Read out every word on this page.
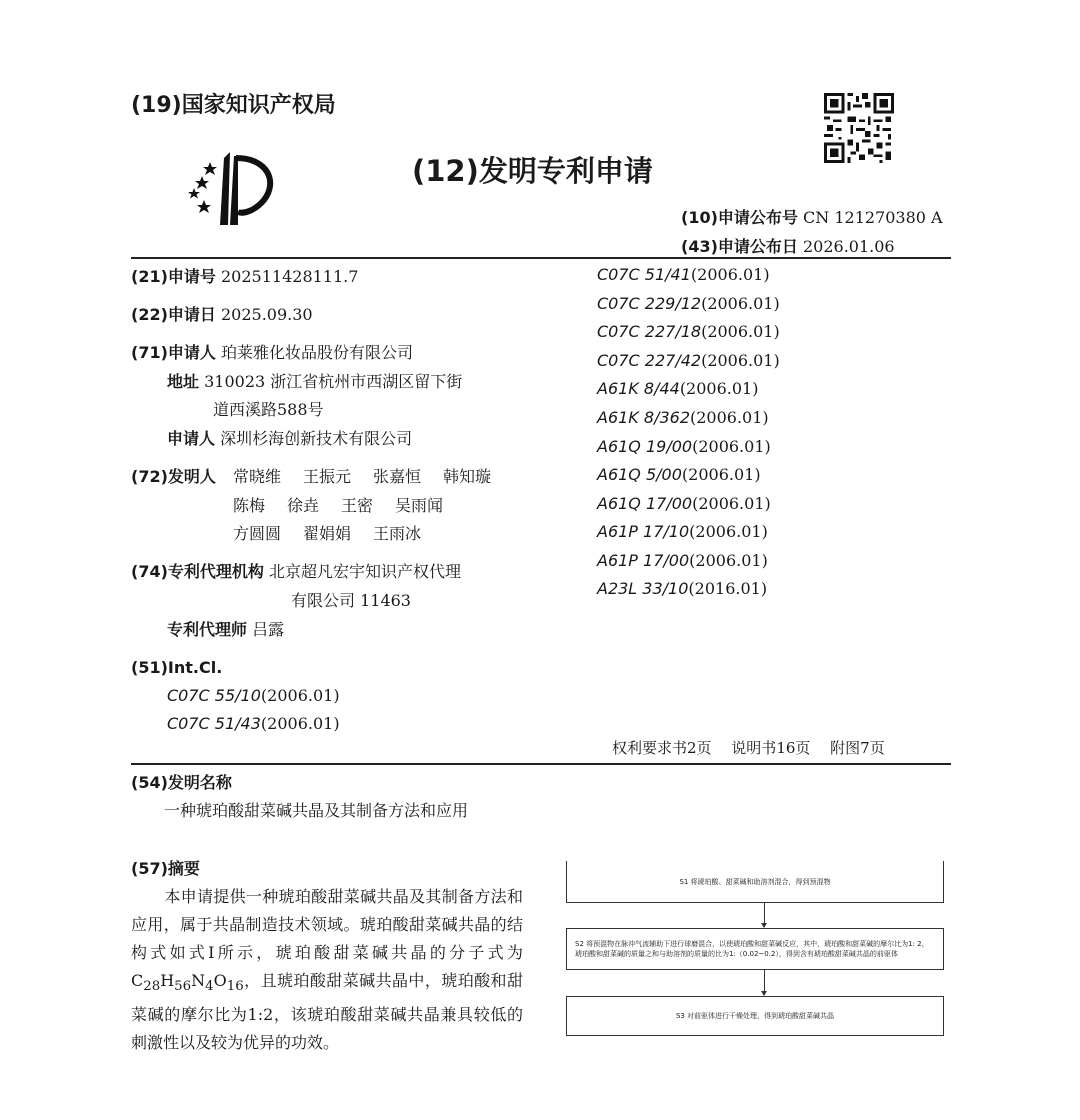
(19)国家知识产权局
(12)发明专利申请
(10)申请公布号 CN 121270380 A
(43)申请公布日 2026.01.06
(21)申请号 202511428111.7
(22)申请日 2025.09.30
(71)申请人 珀莱雅化妆品股份有限公司
地址 310023 浙江省杭州市西湖区留下街
道西溪路588号
申请人 深圳杉海创新技术有限公司
(72)发明人 常晓维 王振元 张嘉恒 韩知璇
陈梅 徐垚 王密 吴雨闻
方圆圆 翟娟娟 王雨冰
(74)专利代理机构 北京超凡宏宇知识产权代理
有限公司 11463
专利代理师 吕露
(51)Int.Cl.
C07C 55/10(2006.01)
C07C 51/43(2006.01)
C07C 51/41(2006.01)
C07C 229/12(2006.01)
C07C 227/18(2006.01)
C07C 227/42(2006.01)
A61K 8/44(2006.01)
A61K 8/362(2006.01)
A61Q 19/00(2006.01)
A61Q 5/00(2006.01)
A61Q 17/00(2006.01)
A61P 17/10(2006.01)
A61P 17/00(2006.01)
A23L 33/10(2016.01)
权利要求书2页　 说明书16页　 附图7页
(54)发明名称
一种琥珀酸甜菜碱共晶及其制备方法和应用
(57)摘要
本申请提供一种琥珀酸甜菜碱共晶及其制备方法和应用，属于共晶制造技术领域。琥珀酸甜菜碱共晶的结构式如式I所示，琥珀酸甜菜碱共晶的分子式为$C_{28}H_{56}N_4O_{16}$，且琥珀酸甜菜碱共晶中，琥珀酸和甜菜碱的摩尔比为1:2，该琥珀酸甜菜碱共晶兼具较低的刺激性以及较为优异的功效。
S1 将琥珀酸、甜菜碱和助溶剂混合，得到预混物
S2 将预混物在脉冲气流辅助下进行球磨混合，以使琥珀酸和甜菜碱反应，其中，琥珀酸和甜菜碱的摩尔比为1: 2，琥珀酸和甜菜碱的质量之和与助溶剂的质量的比为1:（0.02~0.2），得到含有琥珀酸甜菜碱共晶的前驱体
S3 对前驱体进行干燥处理，得到琥珀酸甜菜碱共晶
